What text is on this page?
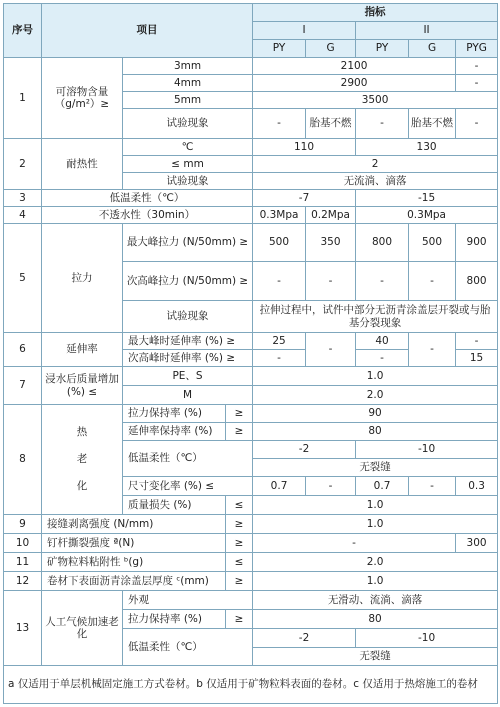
序号	项目			指标				
				I		II		
				PY	G	PY	G	PYG
1	可溶物含量（g/m²）≥	3mm		2100				-
		4mm		2900				-
		5mm		3500				
		试验现象		-	胎基不燃	-	胎基不燃	-
2	耐热性	℃		110		130		
		≤ mm		2				
		试验现象		无流淌、滴落				
3	低温柔性（℃）			-7		-15		
4	不透水性（30min）			0.3Mpa	0.2Mpa	0.3Mpa		
5	拉力	最大峰拉力 (N/50mm) ≥		500	350	800	500	900
		次高峰拉力 (N/50mm) ≥		-	-	-	-	800
		试验现象		拉伸过程中，试件中部分无沥青涂盖层开裂或与胎基分裂现象				
6	延伸率	最大峰时延伸率 (%) ≥		25	-	40	-	-
		次高峰时延伸率 (%) ≥		-		-		15
7	浸水后质量增加 (%) ≤	PE、S		1.0				
		M		2.0				
8	热
老
化	拉力保持率 (%)	≥	90				
		延伸率保持率 (%)	≥	80				
		低温柔性（℃）		-2		-10		
				无裂缝				
		尺寸变化率 (%) ≤		0.7	-	0.7	-	0.3
		质量损失 (%)	≤	1.0				
9	接缝剥离强度 (N/mm)		≥	1.0				
10	钉杆撕裂强度 ª(N)		≥	-				300
11	矿物粒料粘附性 ᵇ(g)		≤	2.0				
12	卷材下表面沥青涂盖层厚度 ᶜ(mm)		≥	1.0				
13	人工气候加速老化	外观		无滑动、流淌、滴落				
		拉力保持率 (%)	≥	80				
		低温柔性（℃）		-2		-10		
				无裂缝				
a 仅适用于单层机械固定施工方式卷材。b 仅适用于矿物粒料表面的卷材。c 仅适用于热熔施工的卷材								
